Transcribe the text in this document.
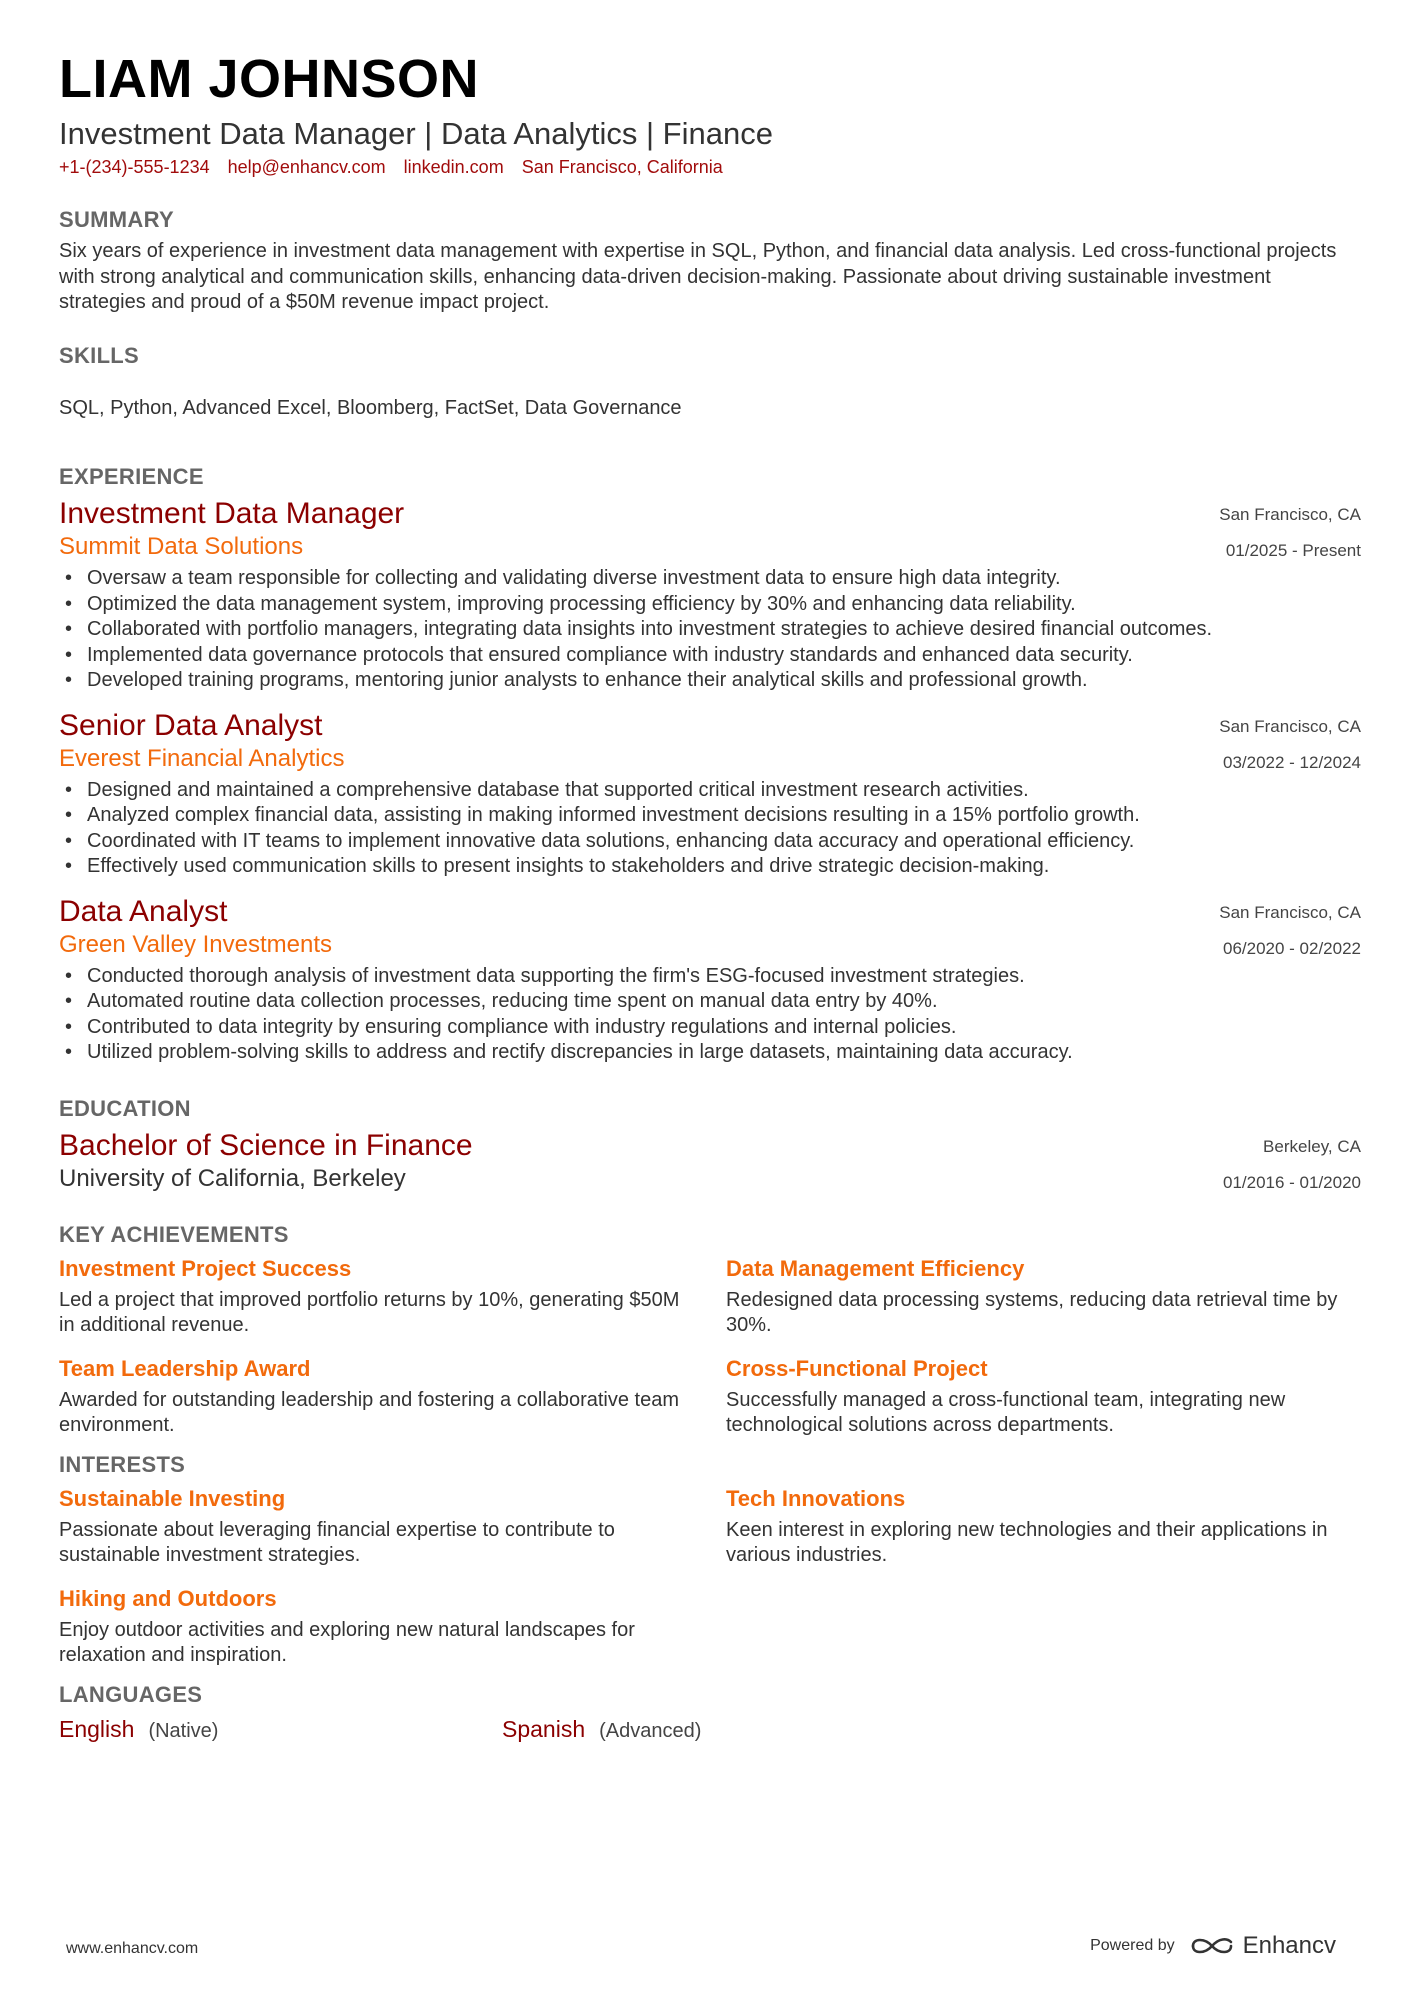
LIAM JOHNSON
Investment Data Manager | Data Analytics | Finance
+1-(234)-555-1234 help@enhancv.com linkedin.com San Francisco, California
SUMMARY

Six years of experience in investment data management with expertise in SQL, Python, and financial data analysis. Led cross-functional projects with strong analytical and communication skills, enhancing data-driven decision-making. Passionate about driving sustainable investment strategies and proud of a $50M revenue impact project.

SKILLS

SQL, Python, Advanced Excel, Bloomberg, FactSet, Data Governance

EXPERIENCE
San Francisco, CA
01/2025 - Present
Investment Data Manager
Summit Data Solutions
• Oversaw a team responsible for collecting and validating diverse investment data to ensure high data integrity.
• Optimized the data management system, improving processing efficiency by 30% and enhancing data reliability.
• Collaborated with portfolio managers, integrating data insights into investment strategies to achieve desired financial outcomes.
• Implemented data governance protocols that ensured compliance with industry standards and enhanced data security.
• Developed training programs, mentoring junior analysts to enhance their analytical skills and professional growth.
San Francisco, CA
03/2022 - 12/2024
Senior Data Analyst
Everest Financial Analytics
• Designed and maintained a comprehensive database that supported critical investment research activities.
• Analyzed complex financial data, assisting in making informed investment decisions resulting in a 15% portfolio growth.
• Coordinated with IT teams to implement innovative data solutions, enhancing data accuracy and operational efficiency.
• Effectively used communication skills to present insights to stakeholders and drive strategic decision-making.
San Francisco, CA
06/2020 - 02/2022
Data Analyst
Green Valley Investments
• Conducted thorough analysis of investment data supporting the firm's ESG-focused investment strategies.
• Automated routine data collection processes, reducing time spent on manual data entry by 40%.
• Contributed to data integrity by ensuring compliance with industry regulations and internal policies.
• Utilized problem-solving skills to address and rectify discrepancies in large datasets, maintaining data accuracy.
EDUCATION
Berkeley, CA
01/2016 - 01/2020
Bachelor of Science in Finance
University of California, Berkeley
KEY ACHIEVEMENTS
Investment Project Success
Led a project that improved portfolio returns by 10%, generating $50M in additional revenue.
Data Management Efficiency
Redesigned data processing systems, reducing data retrieval time by 30%.
Team Leadership Award
Awarded for outstanding leadership and fostering a collaborative team environment.
Cross-Functional Project
Successfully managed a cross-functional team, integrating new technological solutions across departments.
INTERESTS
Sustainable Investing
Passionate about leveraging financial expertise to contribute to sustainable investment strategies.
Tech Innovations
Keen interest in exploring new technologies and their applications in various industries.
Hiking and Outdoors
Enjoy outdoor activities and exploring new natural landscapes for relaxation and inspiration.
LANGUAGES
English (Native)	Spanish (Advanced)
www.enhancv.com	Powered by	Enhancv
